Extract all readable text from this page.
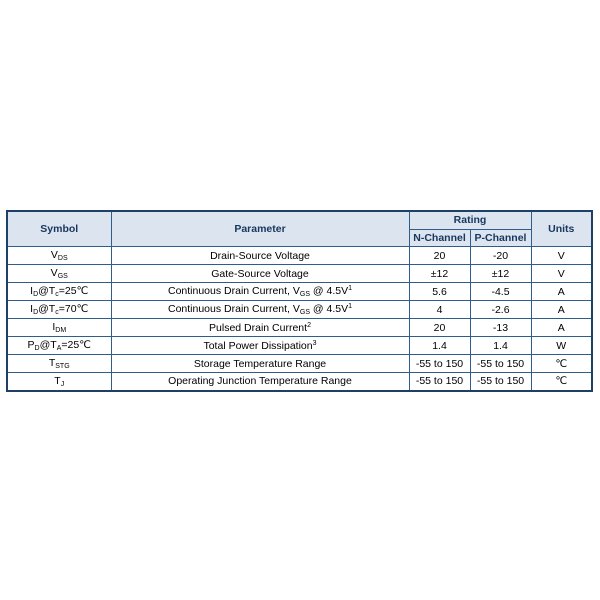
Symbol	Parameter	Rating		Units
		N-Channel	P-Channel	
$V_{DS}$	Drain-Source Voltage	20	-20	V
$V_{GS}$	Gate-Source Voltage	±12	±12	V
$I_D@T_c=25℃$	Continuous Drain Current, $V_{GS}$ @ $4.5V^1$	5.6	-4.5	A
$I_D@T_c=70℃$	Continuous Drain Current, $V_{GS}$ @ $4.5V^1$	4	-2.6	A
$I_{DM}$	Pulsed Drain Current$^2$	20	-13	A
$P_D@T_A=25℃$	Total Power Dissipation$^3$	1.4	1.4	W
$T_{STG}$	Storage Temperature Range	-55 to 150	-55 to 150	℃
$T_J$	Operating Junction Temperature Range	-55 to 150	-55 to 150	℃
